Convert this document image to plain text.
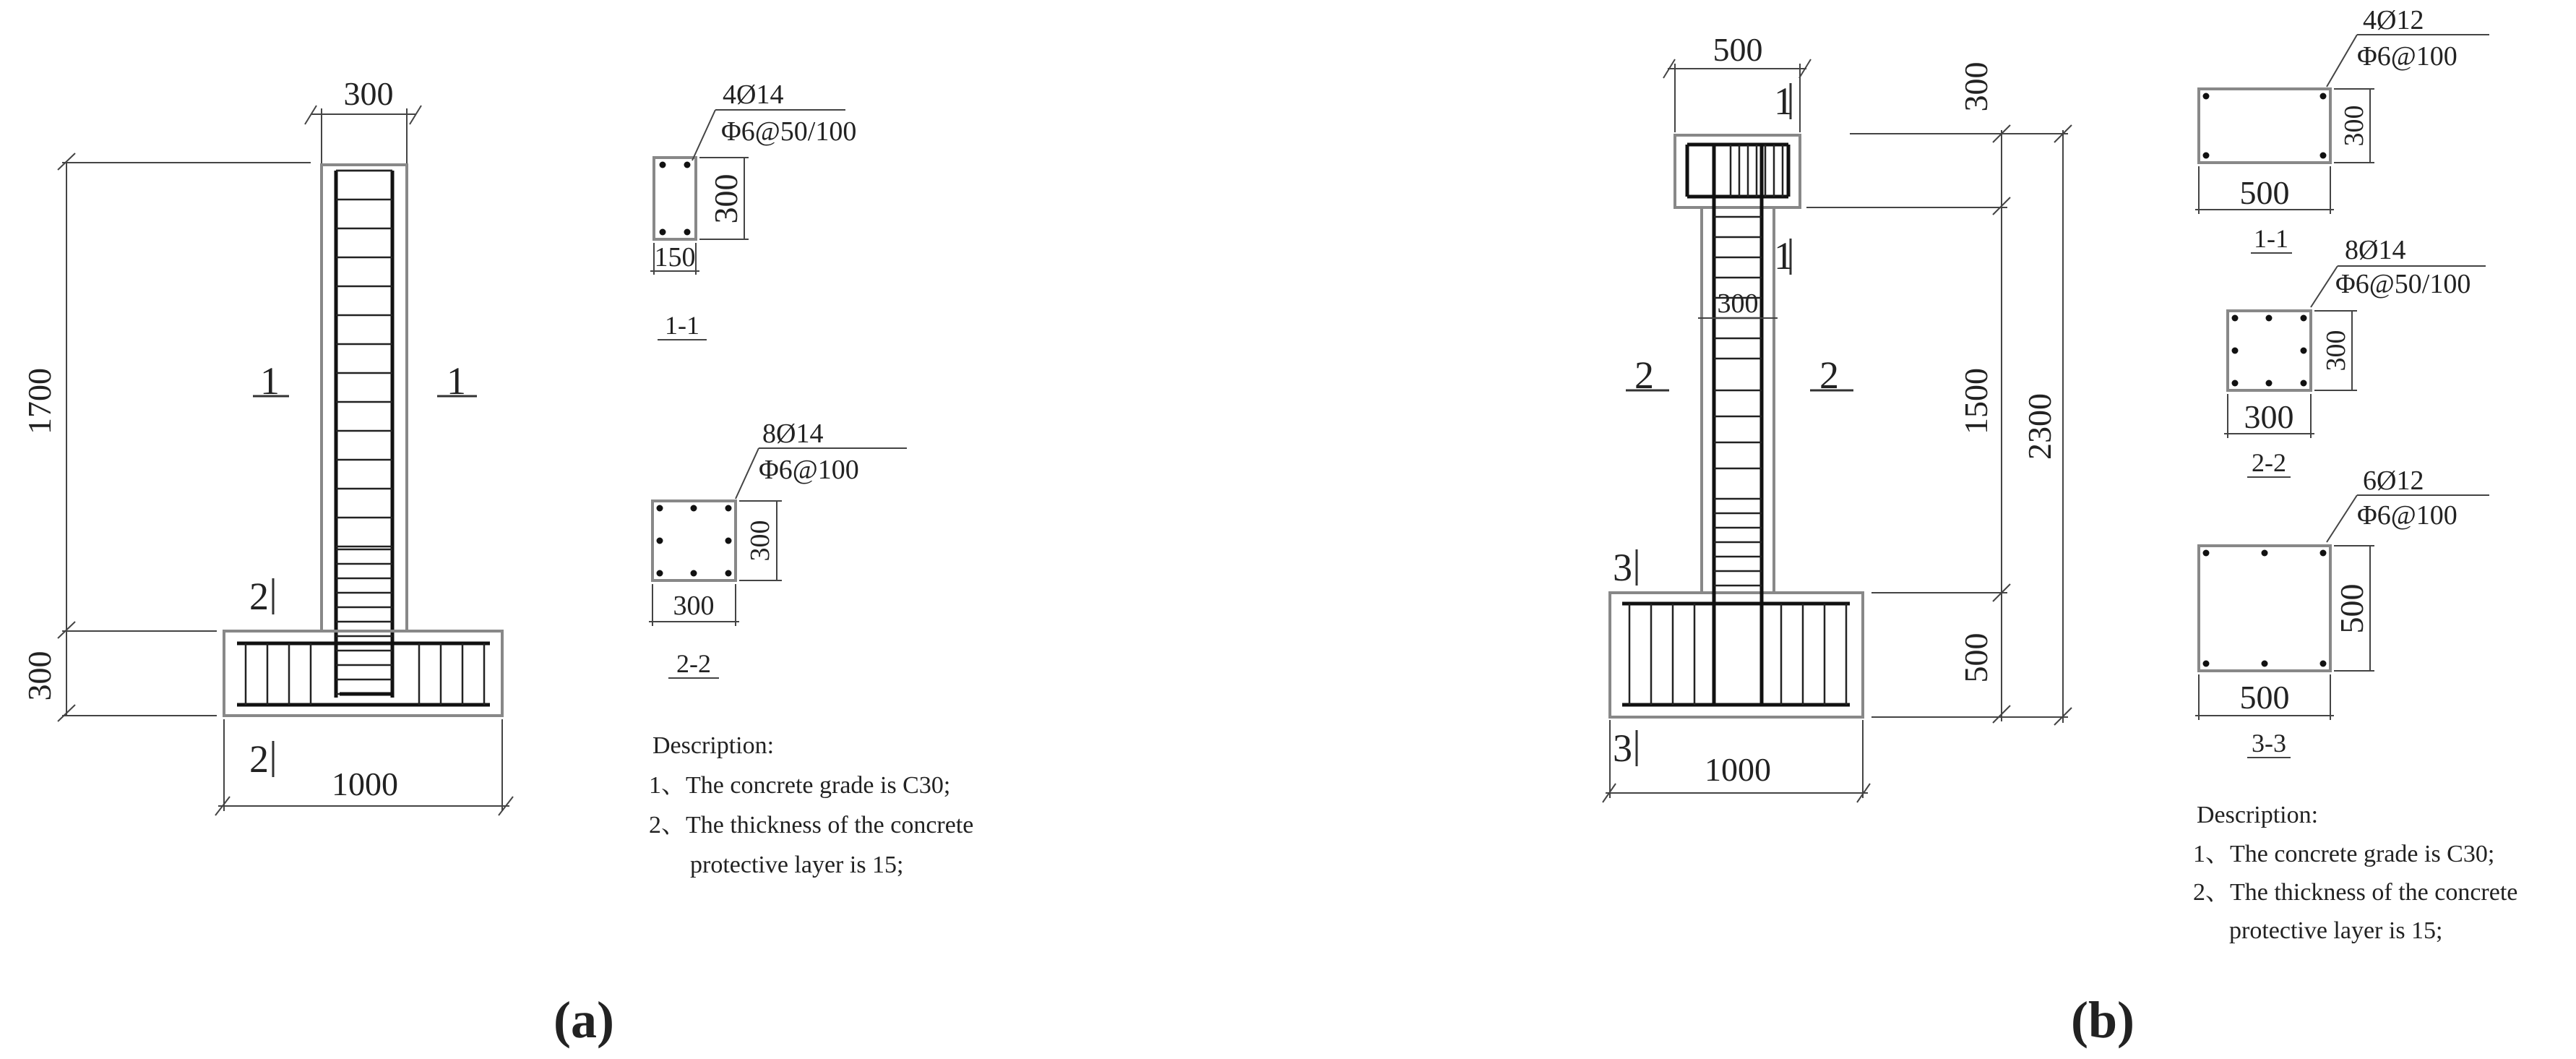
300
1700
300
1000
1	1
2
2
4Ø14
Φ6@50/100
300
150
1-1
8Ø14
Φ6@100
300
300
2-2
Description:
1、The concrete grade is C30;
2、The thickness of the concrete
protective layer is 15;
(a)
500
1
1
2	2
3
3
300
1000
300
1500
500
2300
4Ø12
Φ6@100
300
500
1-1 8Ø14
Φ6@50/100
300
300
2-2
6Ø12
Φ6@100
500
500
3-3
Description:
1、The concrete grade is C30;
2、The thickness of the concrete
protective layer is 15;
(b)
